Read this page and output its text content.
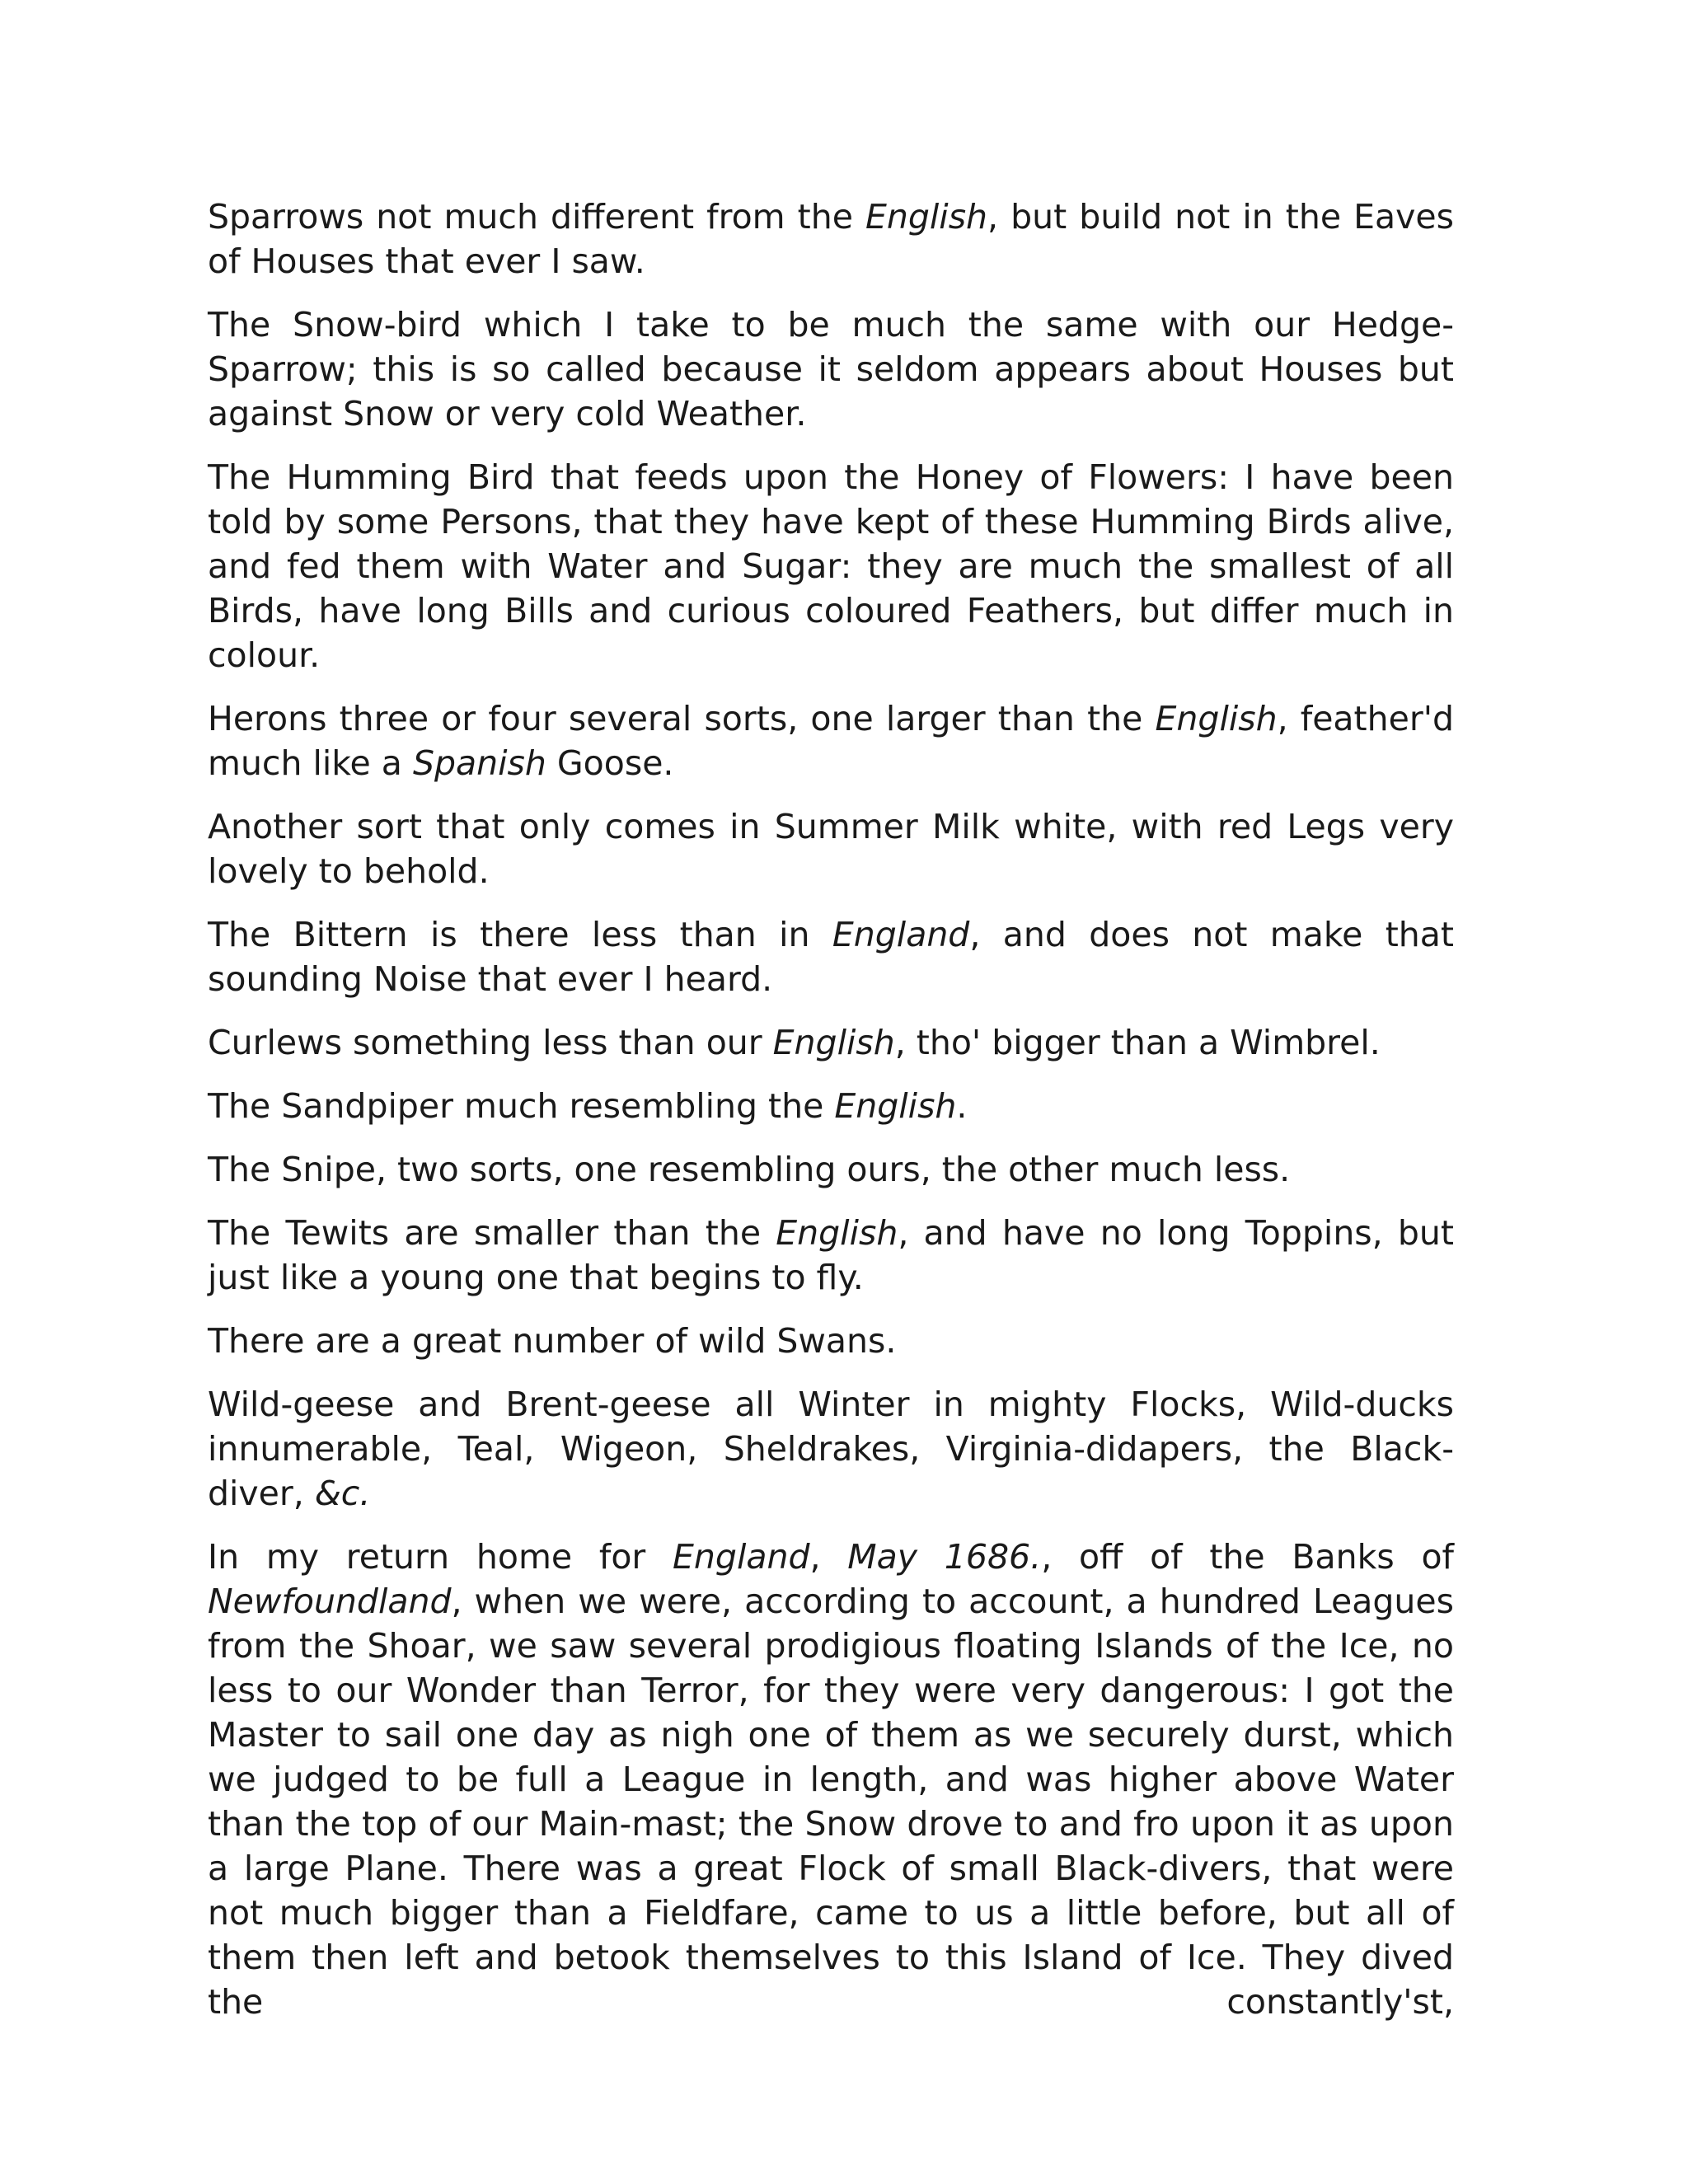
Sparrows not much different from the English, but build not in the Eaves of Houses that ever I saw.

The Snow-bird which I take to be much the same with our Hedge-Sparrow; this is so called because it seldom appears about Houses but against Snow or very cold Weather.

The Humming Bird that feeds upon the Honey of Flowers: I have been told by some Persons, that they have kept of these Humming Birds alive, and fed them with Water and Sugar: they are much the smallest of all Birds, have long Bills and curious coloured Feathers, but differ much in colour.

Herons three or four several sorts, one larger than the English, feather'd much like a Spanish Goose.

Another sort that only comes in Summer Milk white, with red Legs very lovely to behold.

The Bittern is there less than in England, and does not make that sounding Noise that ever I heard.

Curlews something less than our English, tho' bigger than a Wimbrel.

The Sandpiper much resembling the English.

The Snipe, two sorts, one resembling ours, the other much less.

The Tewits are smaller than the English, and have no long Toppins, but just like a young one that begins to fly.

There are a great number of wild Swans.

Wild-geese and Brent-geese all Winter in mighty Flocks, Wild-ducks innumerable, Teal, Wigeon, Sheldrakes, Virginia-didapers, the Black-diver, &c.

In my return home for England, May 1686., off of the Banks of Newfoundland, when we were, according to account, a hundred Leagues from the Shoar, we saw several prodigious floating Islands of the Ice, no less to our Wonder than Terror, for they were very dangerous: I got the Master to sail one day as nigh one of them as we securely durst, which we judged to be full a League in length, and was higher above Water than the top of our Main-mast; the Snow drove to and fro upon it as upon a large Plane. There was a great Flock of small Black-divers, that were not much bigger than a Fieldfare, came to us a little before, but all of them then left and betook themselves to this Island of Ice. They dived the constantly'st,
